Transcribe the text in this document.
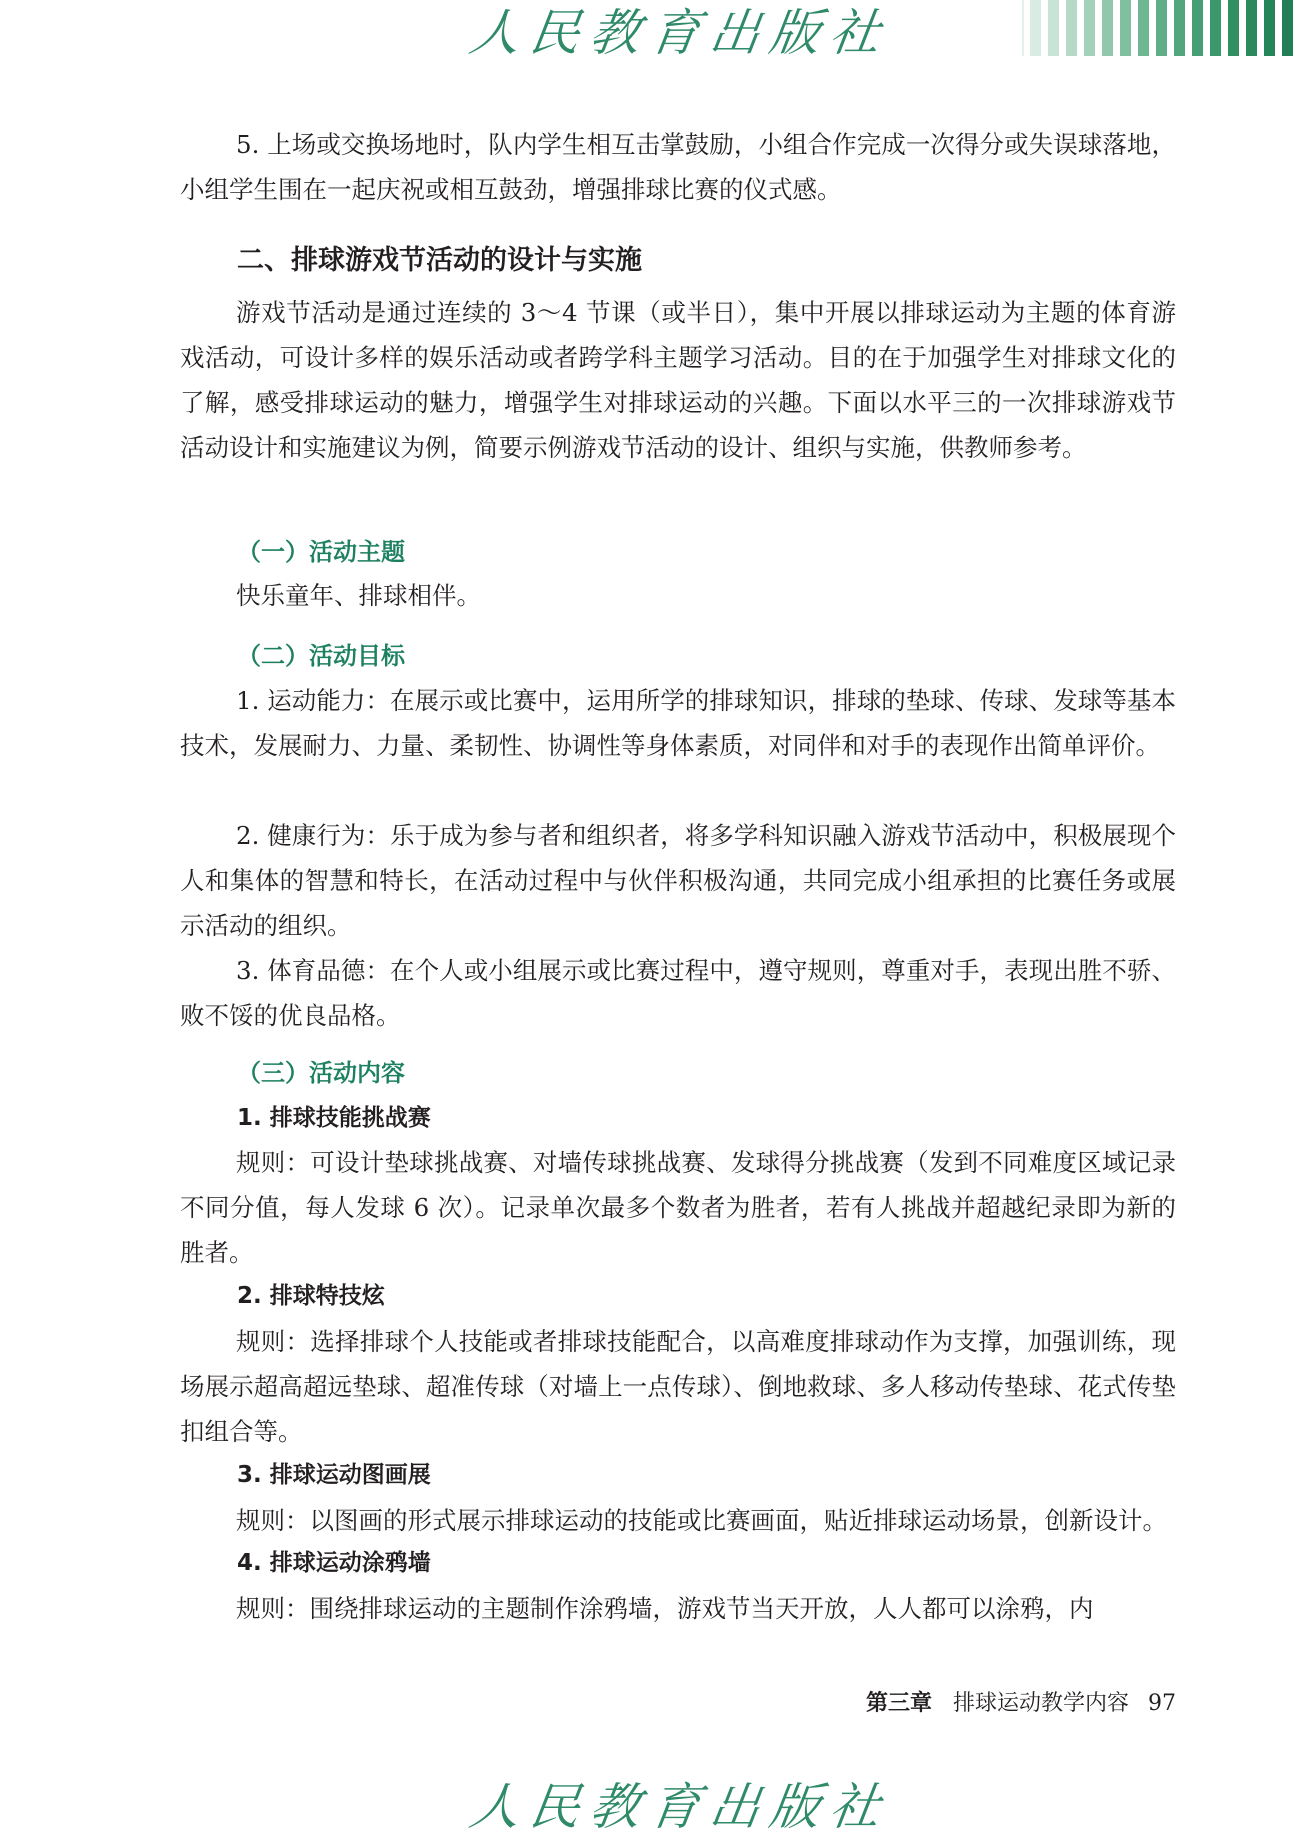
人民教育出版社

5. 上场或交换场地时，队内学生相互击掌鼓励，小组合作完成一次得分或失误球落地，小组学生围在一起庆祝或相互鼓劲，增强排球比赛的仪式感。

二、排球游戏节活动的设计与实施

游戏节活动是通过连续的 3～4 节课（或半日），集中开展以排球运动为主题的体育游戏活动，可设计多样的娱乐活动或者跨学科主题学习活动。目的在于加强学生对排球文化的了解，感受排球运动的魅力，增强学生对排球运动的兴趣。下面以水平三的一次排球游戏节活动设计和实施建议为例，简要示例游戏节活动的设计、组织与实施，供教师参考。

（一）活动主题

快乐童年、排球相伴。

（二）活动目标

1. 运动能力：在展示或比赛中，运用所学的排球知识，排球的垫球、传球、发球等基本技术，发展耐力、力量、柔韧性、协调性等身体素质，对同伴和对手的表现作出简单评价。

2. 健康行为：乐于成为参与者和组织者，将多学科知识融入游戏节活动中，积极展现个人和集体的智慧和特长，在活动过程中与伙伴积极沟通，共同完成小组承担的比赛任务或展示活动的组织。

3. 体育品德：在个人或小组展示或比赛过程中，遵守规则，尊重对手，表现出胜不骄、败不馁的优良品格。

（三）活动内容
1. 排球技能挑战赛

规则：可设计垫球挑战赛、对墙传球挑战赛、发球得分挑战赛（发到不同难度区域记录不同分值，每人发球 6 次）。记录单次最多个数者为胜者，若有人挑战并超越纪录即为新的胜者。

2. 排球特技炫

规则：选择排球个人技能或者排球技能配合，以高难度排球动作为支撑，加强训练，现场展示超高超远垫球、超准传球（对墙上一点传球）、倒地救球、多人移动传垫球、花式传垫扣组合等。

3. 排球运动图画展

规则：以图画的形式展示排球运动的技能或比赛画面，贴近排球运动场景，创新设计。

4. 排球运动涂鸦墙

规则：围绕排球运动的主题制作涂鸦墙，游戏节当天开放，人人都可以涂鸦，内

第三章 排球运动教学内容 97
人民教育出版社
